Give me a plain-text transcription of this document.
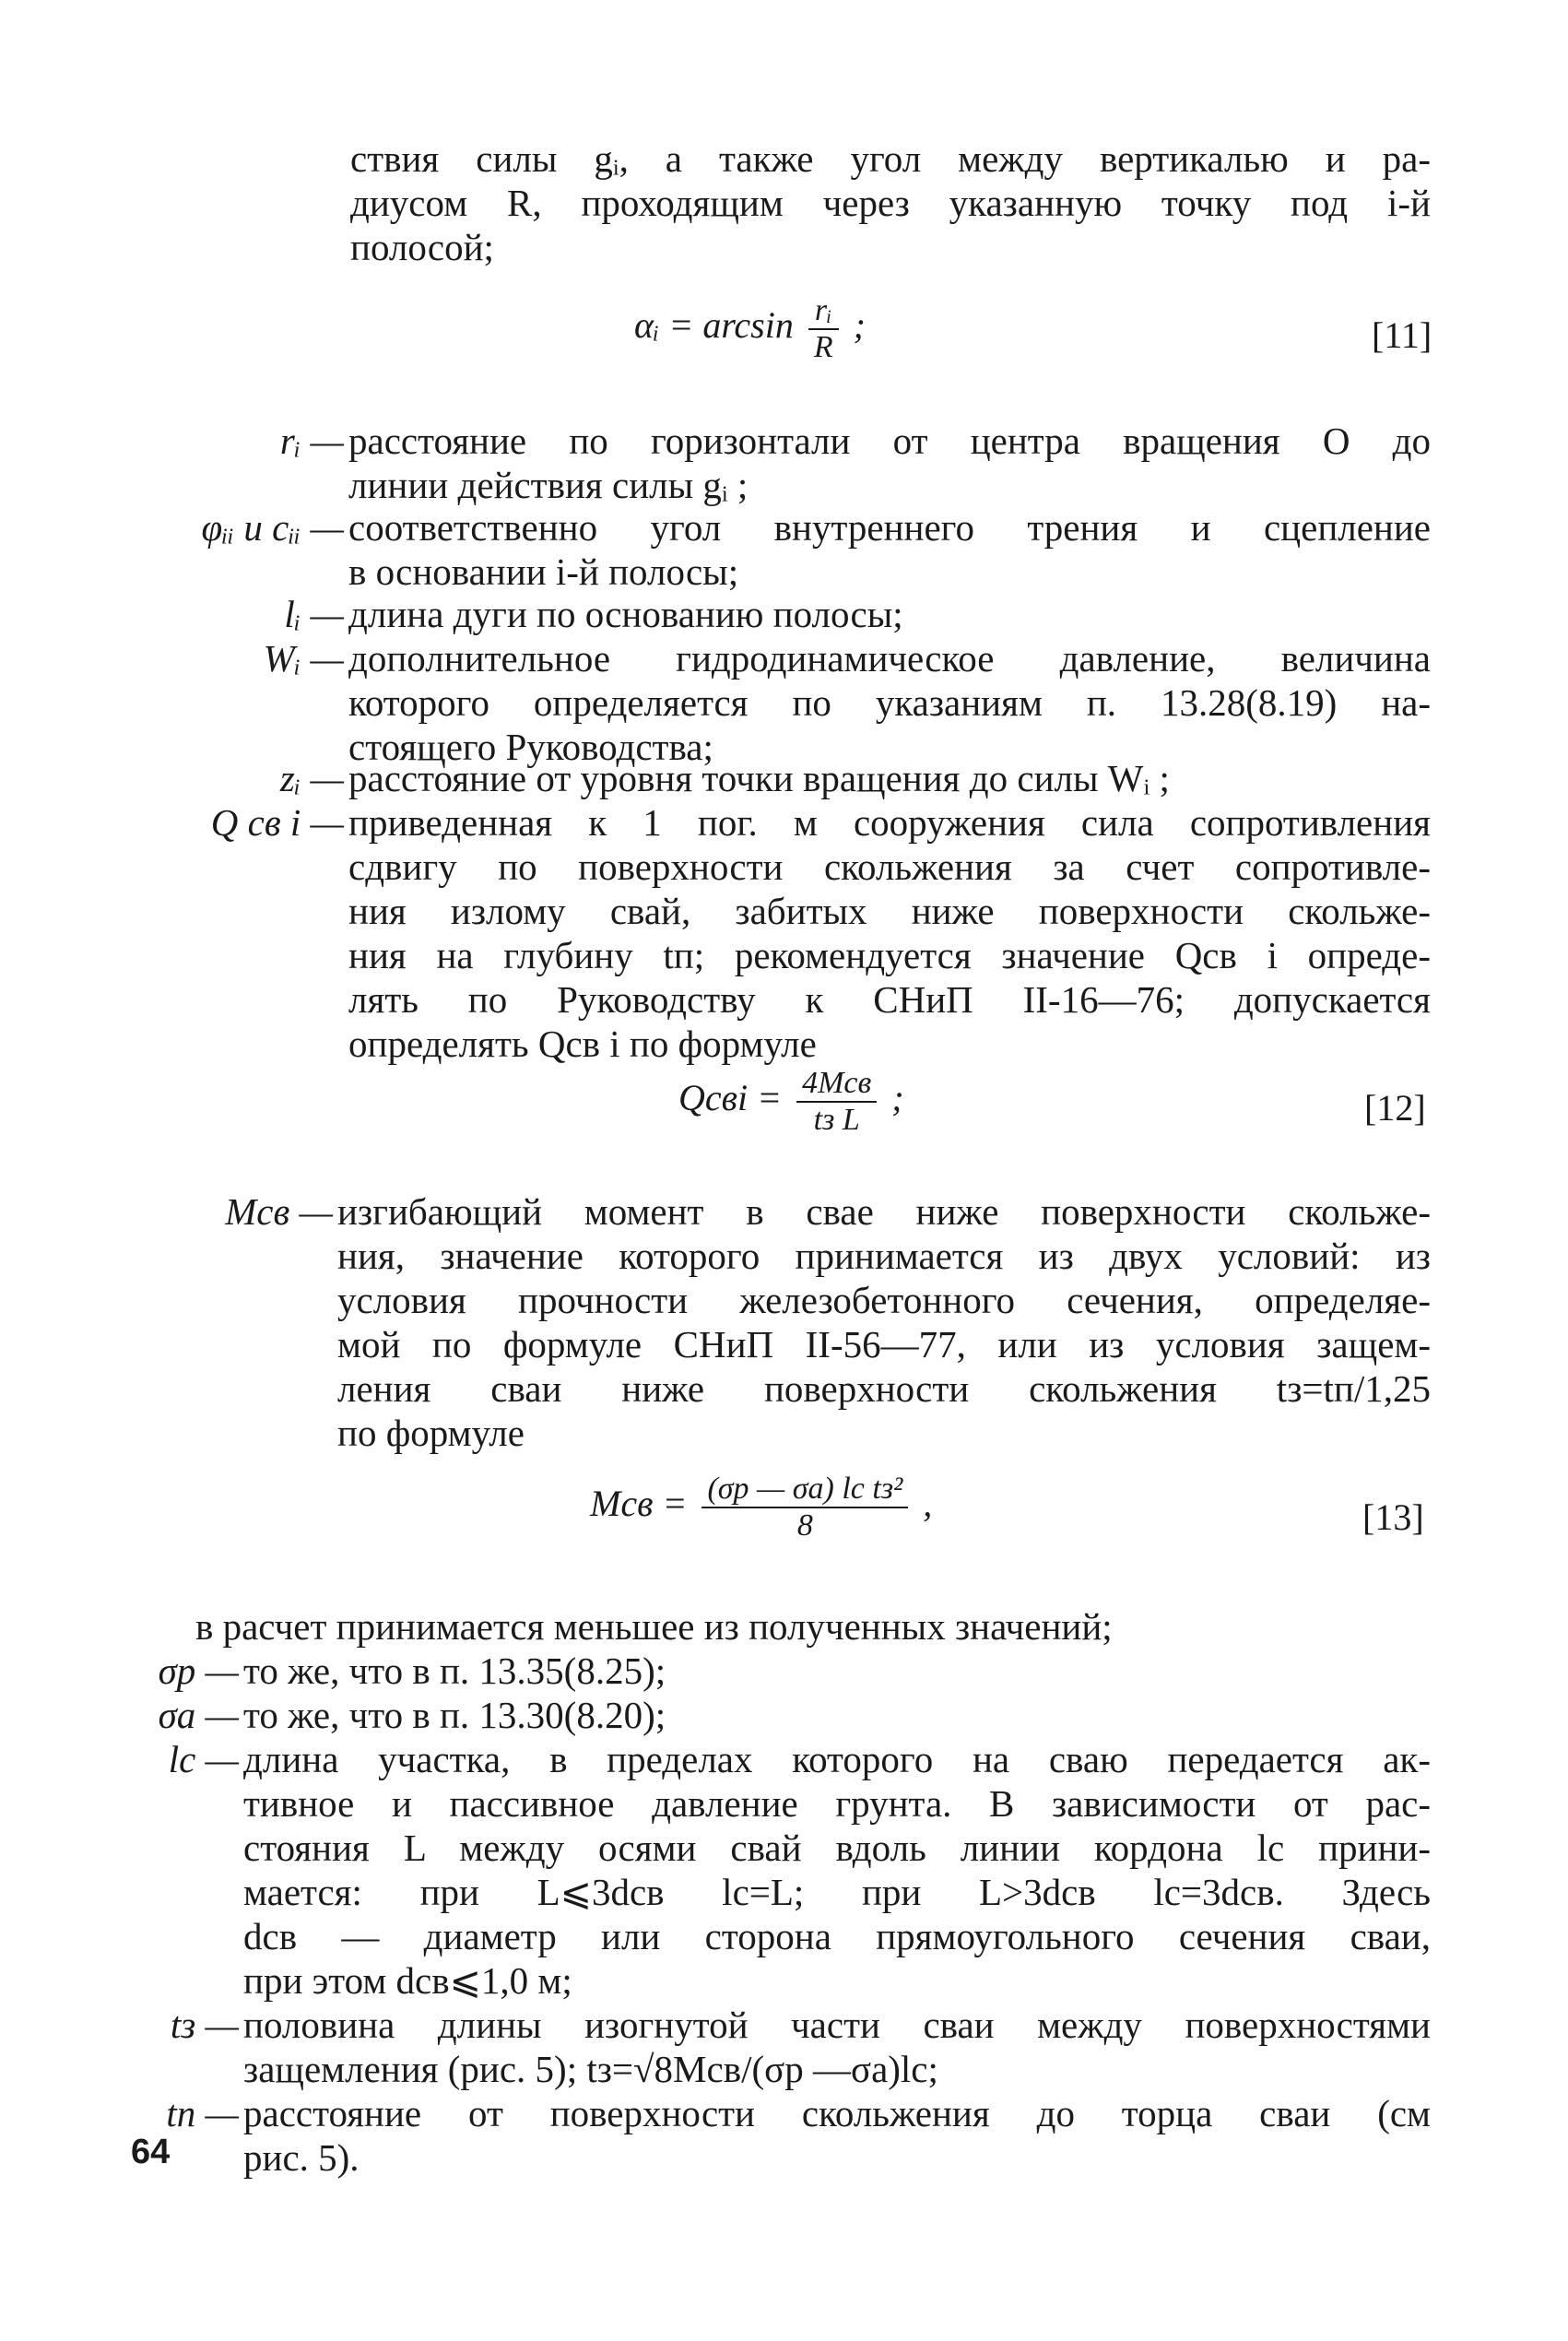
ствия силы gᵢ, а также угол между вертикалью и ра-
диусом R, проходящим через указанную точку под i-й
полосой;
αᵢ = $\arcsin \frac{\text{rᵢ}}{R}$ ;	[11]
rᵢ — расстояние по горизонтали от центра вращения O до
линии действия силы gᵢ ;
φᵢᵢ и cᵢᵢ — соответственно угол внутреннего трения и сцепление
в основании i-й полосы;
lᵢ — длина дуги по основанию полосы;
Wᵢ — дополнительное гидродинамическое давление, величина
которого определяется по указаниям п. 13.28(8.19) на-
стоящего Руководства;
zᵢ — расстояние от уровня точки вращения до силы Wᵢ ;
Q св i — приведенная к 1 пог. м сооружения сила сопротивления
сдвигу по поверхности скольжения за счет сопротивле-
ния излому свай, забитых ниже поверхности скольже-
ния на глубину tп; рекомендуется значение Qсв i опреде-
лять по Руководству к СНиП II-16—76; допускается
определять Qсв i по формуле
Qсвi = $\frac{\text{4Mсв}}{\text{tз L}}$ ;	[12]
Mсв — изгибающий момент в свае ниже поверхности скольже-
ния, значение которого принимается из двух условий: из
условия прочности железобетонного сечения, определяе-
мой по формуле СНиП II-56—77, или из условия защем-
ления сваи ниже поверхности скольжения tз=tп/1,25
по формуле
Mсв = $\frac{\text{(σp — σa) lc tз²}}{8}$ ,	[13]
в расчет принимается меньшее из полученных значений;
σp — то же, что в п. 13.35(8.25);
σa — то же, что в п. 13.30(8.20);
lc — длина участка, в пределах которого на сваю передается ак-
тивное и пассивное давление грунта. В зависимости от рас-
стояния L между осями свай вдоль линии кордона lc прини-
мается: при L⩽3dсв lc=L; при L>3dсв lc=3dсв. Здесь
dсв — диаметр или сторона прямоугольного сечения сваи,
при этом dсв⩽1,0 м;
tз — половина длины изогнутой части сваи между поверхностями
защемления (рис. 5); tз=√8Mсв/(σp —σa)lc;
tп — расстояние от поверхности скольжения до торца сваи (см
рис. 5).
64
